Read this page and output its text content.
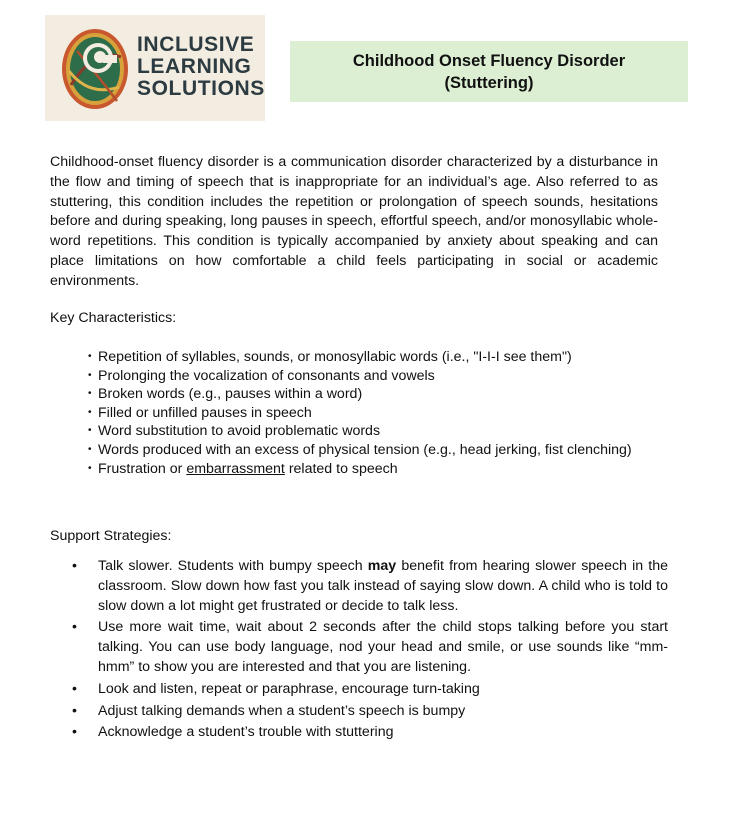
INCLUSIVE
LEARNING
SOLUTIONS
Childhood Onset Fluency Disorder
(Stuttering)

Childhood-onset fluency disorder is a communication disorder characterized by a disturbance in the flow and timing of speech that is inappropriate for an individual’s age. Also referred to as stuttering, this condition includes the repetition or prolongation of speech sounds, hesitations before and during speaking, long pauses in speech, effortful speech, and/or monosyllabic whole-word repetitions. This condition is typically accompanied by anxiety about speaking and can place limitations on how comfortable a child feels participating in social or academic environments.

Key Characteristics:

• Repetition of syllables, sounds, or monosyllabic words (i.e., "I-I-I see them")
• Prolonging the vocalization of consonants and vowels
• Broken words (e.g., pauses within a word)
• Filled or unfilled pauses in speech
• Word substitution to avoid problematic words
• Words produced with an excess of physical tension (e.g., head jerking, fist clenching)
• Frustration or embarrassment related to speech

Support Strategies:

• Talk slower. Students with bumpy speech may benefit from hearing slower speech in the classroom. Slow down how fast you talk instead of saying slow down. A child who is told to slow down a lot might get frustrated or decide to talk less.
• Use more wait time, wait about 2 seconds after the child stops talking before you start talking. You can use body language, nod your head and smile, or use sounds like “mm-hmm” to show you are interested and that you are listening.
• Look and listen, repeat or paraphrase, encourage turn-taking
• Adjust talking demands when a student’s speech is bumpy
• Acknowledge a student’s trouble with stuttering
